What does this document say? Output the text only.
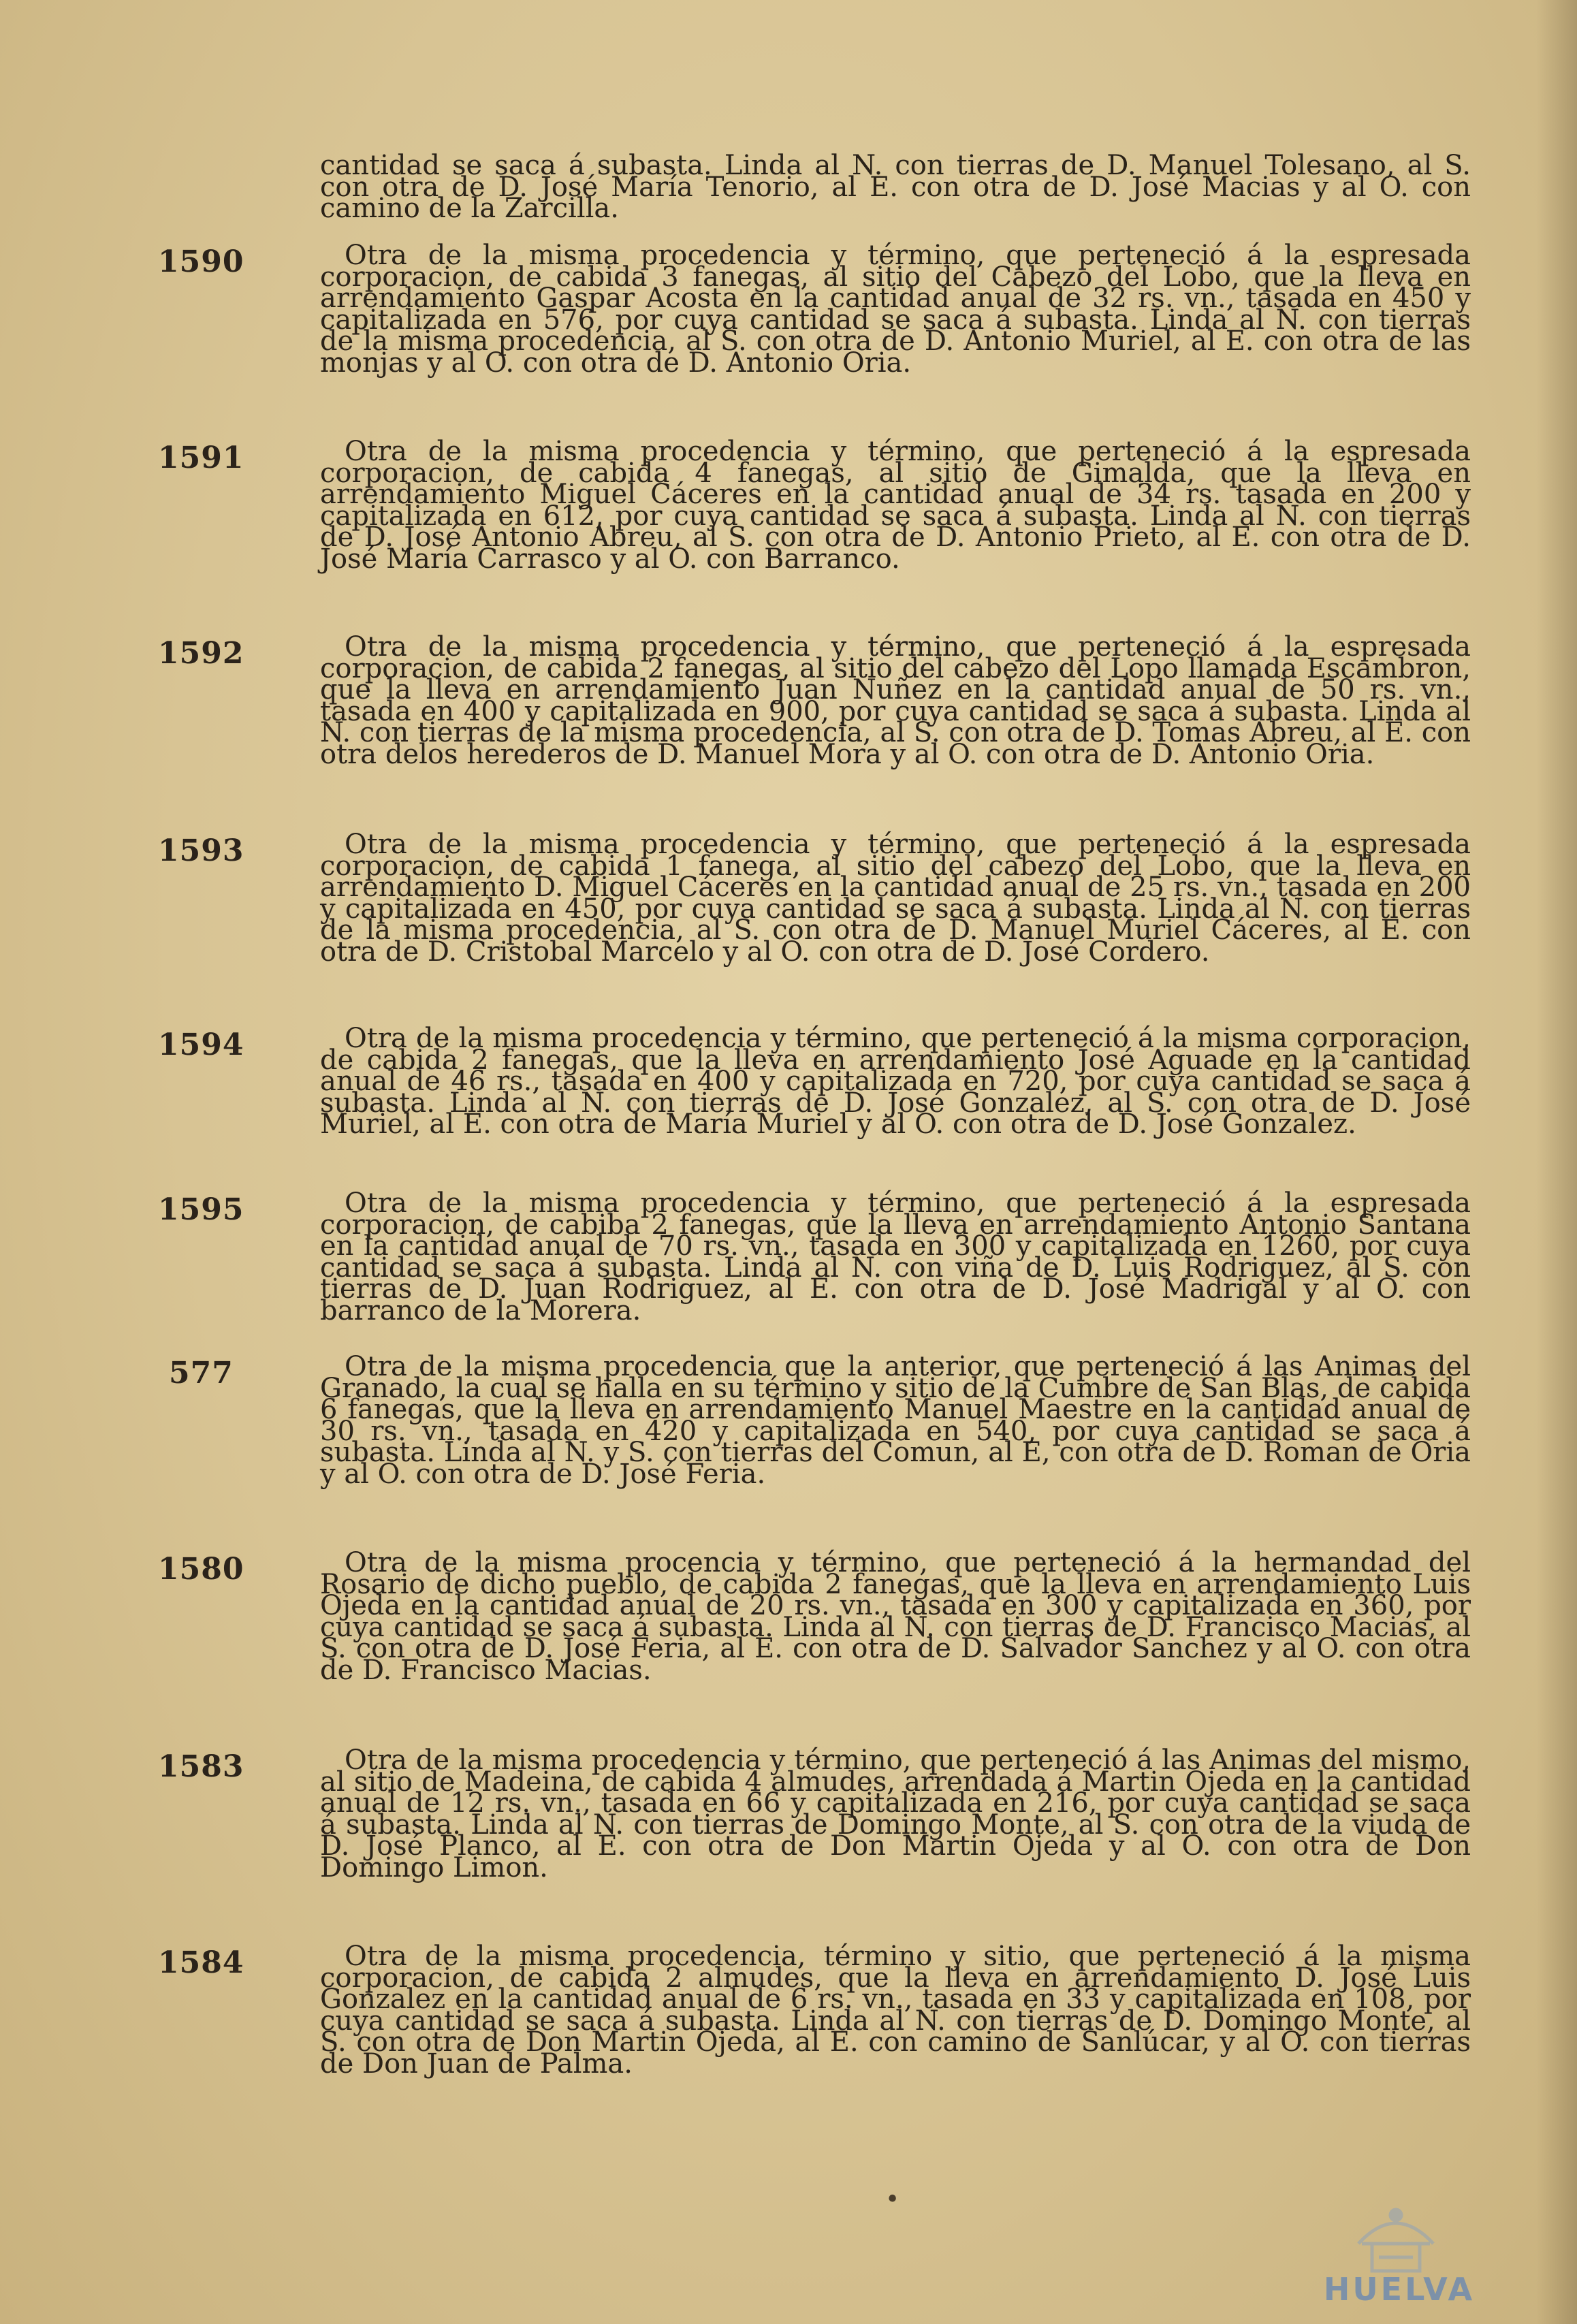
cantidad se saca á subasta. Linda al N. con tierras de D. Manuel Tolesano, al S. con otra de D. José María Tenorio, al E. con otra de D. José Macias y al O. con camino de la Zarcilla.
1590	Otra de la misma procedencia y término, que perteneció á la espresada corporacion, de cabida 3 fanegas, al sitio del Cabezo del Lobo, que la lleva en arrendamiento Gaspar Acosta en la cantidad anual de 32 rs. vn., tasada en 450 y capitalizada en 576, por cuya cantidad se saca á subasta. Linda al N. con tierras de la misma procedencia, al S. con otra de D. Antonio Muriel, al E. con otra de las monjas y al O. con otra de D. Antonio Oria.
1591	Otra de la misma procedencia y término, que perteneció á la espresada corporacion, de cabida 4 fanegas, al sitio de Gimalda, que la lleva en arrendamiento Miguel Cáceres en la cantidad anual de 34 rs. tasada en 200 y capitalizada en 612, por cuya cantidad se saca á subasta. Linda al N. con tierras de D. José Antonio Abreu, al S. con otra de D. Antonio Prieto, al E. con otra de D. José María Carrasco y al O. con Barranco.
1592	Otra de la misma procedencia y término, que perteneció á la espresada corporacion, de cabida 2 fanegas, al sitio del cabezo del Lopo llamada Escambron, que la lleva en arrendamiento Juan Nuñez en la cantidad anual de 50 rs. vn., tasada en 400 y capitalizada en 900, por cuya cantidad se saca á subasta. Linda al N. con tierras de la misma procedencia, al S. con otra de D. Tomas Abreu, al E. con otra delos herederos de D. Manuel Mora y al O. con otra de D. Antonio Oria.
1593	Otra de la misma procedencia y término, que perteneció á la espresada corporacion, de cabida 1 fanega, al sitio del cabezo del Lobo, que la lleva en arrendamiento D. Miguel Cáceres en la cantidad anual de 25 rs. vn., tasada en 200 y capitalizada en 450, por cuya cantidad se saca á subasta. Linda al N. con tierras de la misma procedencia, al S. con otra de D. Manuel Muriel Cáceres, al E. con otra de D. Cristobal Marcelo y al O. con otra de D. José Cordero.
1594	Otra de la misma procedencia y término, que perteneció á la misma corporacion, de cabida 2 fanegas, que la lleva en arrendamiento José Aguade en la cantidad anual de 46 rs., tasada en 400 y capitalizada en 720, por cuya cantidad se saca á subasta. Linda al N. con tierras de D. José Gonzalez, al S. con otra de D. José Muriel, al E. con otra de María Muriel y al O. con otra de D. José Gonzalez.
1595	Otra de la misma procedencia y término, que perteneció á la espresada corporacion, de cabiba 2 fanegas, que la lleva en arrendamiento Antonio Santana en la cantidad anual de 70 rs. vn., tasada en 300 y capitalizada en 1260, por cuya cantidad se saca á subasta. Linda al N. con viña de D. Luis Rodriguez, al S. con tierras de D. Juan Rodriguez, al E. con otra de D. José Madrigal y al O. con barranco de la Morera.
577	Otra de la misma procedencia que la anterior, que perteneció á las Animas del Granado, la cual se halla en su término y sitio de la Cumbre de San Blas, de cabida 6 fanegas, que la lleva en arrendamiento Manuel Maestre en la cantidad anual de 30 rs. vn., tasada en 420 y capitalizada en 540, por cuya cantidad se saca á subasta. Linda al N. y S. con tierras del Comun, al E, con otra de D. Roman de Oria y al O. con otra de D. José Feria.
1580	Otra de la misma procencia y término, que perteneció á la hermandad del Rosario de dicho pueblo, de cabida 2 fanegas, que la lleva en arrendamiento Luis Ojeda en la cantidad anual de 20 rs. vn., tasada en 300 y capitalizada en 360, por cuya cantidad se saca á subasta. Linda al N. con tierras de D. Francisco Macias, al S. con otra de D. José Feria, al E. con otra de D. Salvador Sanchez y al O. con otra de D. Francisco Macias.
1583	Otra de la misma procedencia y término, que perteneció á las Animas del mismo, al sitio de Madeina, de cabida 4 almudes, arrendada á Martin Ojeda en la cantidad anual de 12 rs. vn., tasada en 66 y capitalizada en 216, por cuya cantidad se saca á subasta. Linda al N. con tierras de Domingo Monte, al S. con otra de la viuda de D. José Planco, al E. con otra de Don Martin Ojeda y al O. con otra de Don Domingo Limon.
1584	Otra de la misma procedencia, término y sitio, que perteneció á la misma corporacion, de cabida 2 almudes, que la lleva en arrendamiento D. José Luis Gonzalez en la cantidad anual de 6 rs. vn., tasada en 33 y capitalizada en 108, por cuya cantidad se saca á subasta. Linda al N. con tierras de D. Domingo Monte, al S. con otra de Don Martin Ojeda, al E. con camino de Sanlúcar, y al O. con tierras de Don Juan de Palma.
•
HUELVA
